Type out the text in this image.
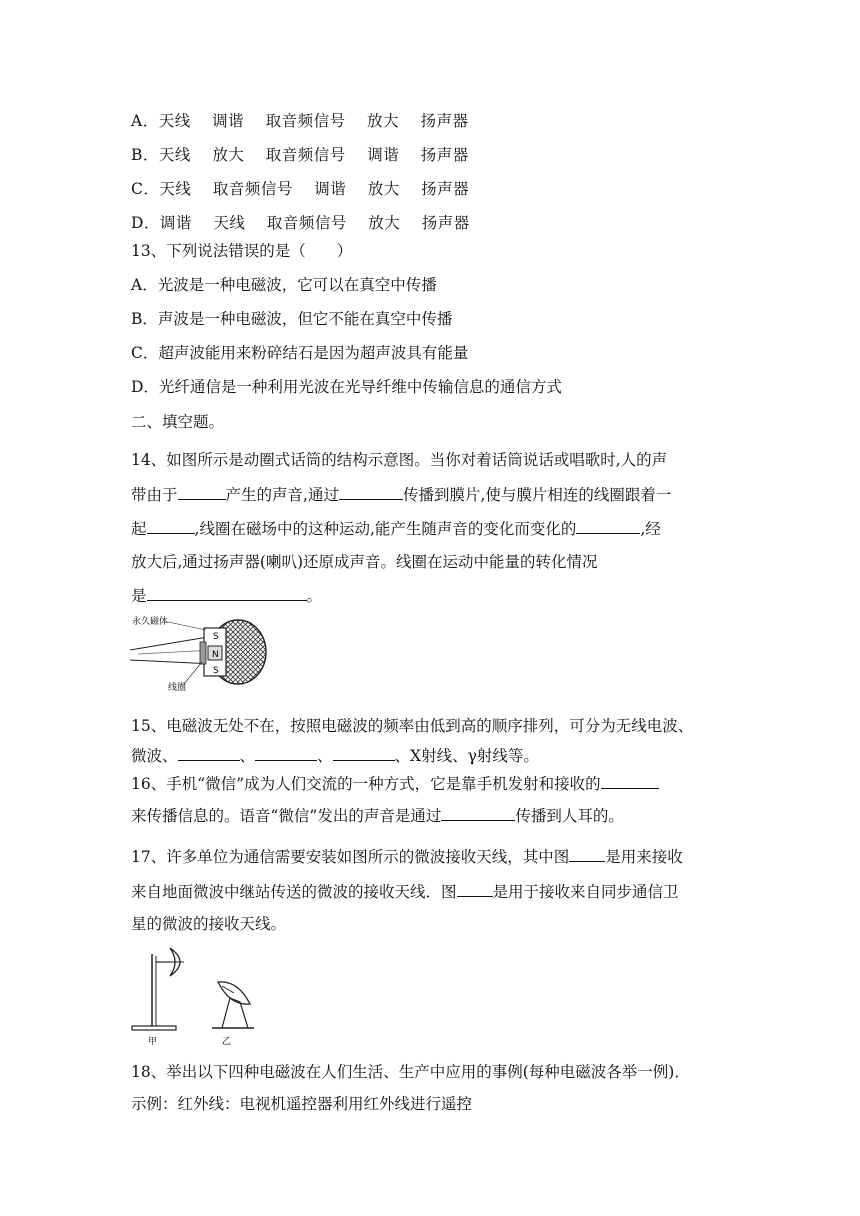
A．天线 调谐 取音频信号 放大 扬声器
B．天线 放大 取音频信号 调谐 扬声器
C．天线 取音频信号 调谐 放大 扬声器
D．调谐 天线 取音频信号 放大 扬声器
13、下列说法错误的是（　　）
A．光波是一种电磁波，它可以在真空中传播
B．声波是一种电磁波，但它不能在真空中传播
C．超声波能用来粉碎结石是因为超声波具有能量
D．光纤通信是一种利用光波在光导纤维中传输信息的通信方式
二、填空题。
14、如图所示是动圈式话筒的结构示意图。当你对着话筒说话或唱歌时,人的声
带由于	产生的声音,通过	传播到膜片,使与膜片相连的线圈跟着一
起	,线圈在磁场中的这种运动,能产生随声音的变化而变化的	,经
放大后,通过扬声器(喇叭)还原成声音。线圈在运动中能量的转化情况
是	。
S
N
S
永久磁体
线圈
15、电磁波无处不在，按照电磁波的频率由低到高的顺序排列，可分为无线电波、
微波、	、	、	、X射线、γ射线等。
16、手机“微信”成为人们交流的一种方式，它是靠手机发射和接收的
来传播信息的。语音“微信”发出的声音是通过	传播到人耳的。
17、许多单位为通信需要安装如图所示的微波接收天线，其中图 是用来接收
来自地面微波中继站传送的微波的接收天线．图 是用于接收来自同步通信卫
星的微波的接收天线。
甲	乙
18、举出以下四种电磁波在人们生活、生产中应用的事例(每种电磁波各举一例)．
示例：红外线：电视机遥控器利用红外线进行遥控
